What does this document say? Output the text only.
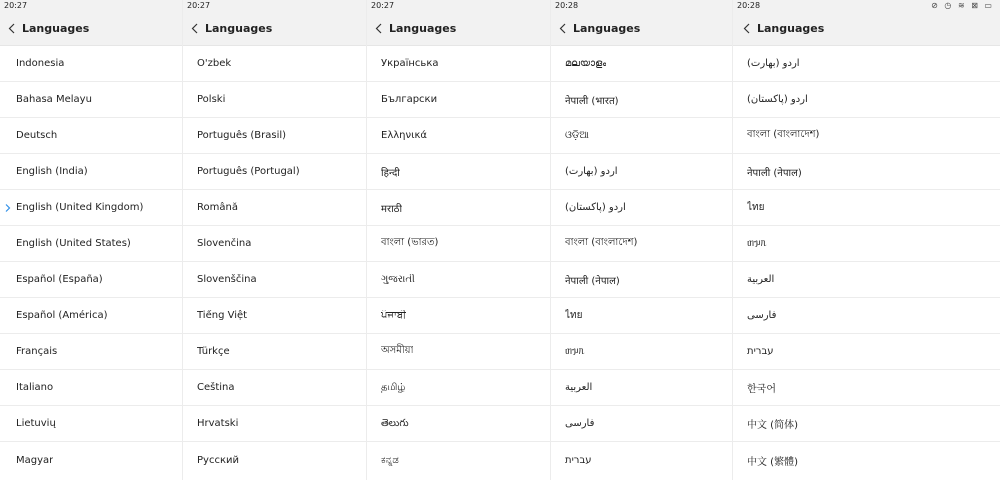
20:27
Languages
Indonesia
Bahasa Melayu
Deutsch
English (India)
English (United Kingdom)
English (United States)
Español (España)
Español (América)
Français
Italiano
Lietuvių
Magyar
20:27
Languages
O'zbek
Polski
Português (Brasil)
Português (Portugal)
Română
Slovenčina
Slovenščina
Tiếng Việt
Türkçe
Čeština
Hrvatski
Русский
20:27
Languages
Українська
Български
Ελληνικά
हिन्दी
मराठी
বাংলা (ভারত)
ગુજરાતી
ਪੰਜਾਬੀ
অসমীয়া
தமிழ்
తెలుగు
ಕನ್ನಡ
20:28
Languages
മലയാളം
नेपाली (भारत)
ଓଡ଼ିଆ
اردو (بھارت)
اردو (پاکستان)
বাংলা (বাংলাদেশ)
नेपाली (नेपाल)
ไทย
ᥖᥭᥰ
العربية
فارسی
עברית
20:28	⊘ ◷ ≋ ⊠ ▭
Languages
اردو (بھارت)
اردو (پاکستان)
বাংলা (বাংলাদেশ)
नेपाली (नेपाल)
ไทย
ᥖᥭᥰ
العربية
فارسی
עברית
한국어
中文 (简体)
中文 (繁體)
